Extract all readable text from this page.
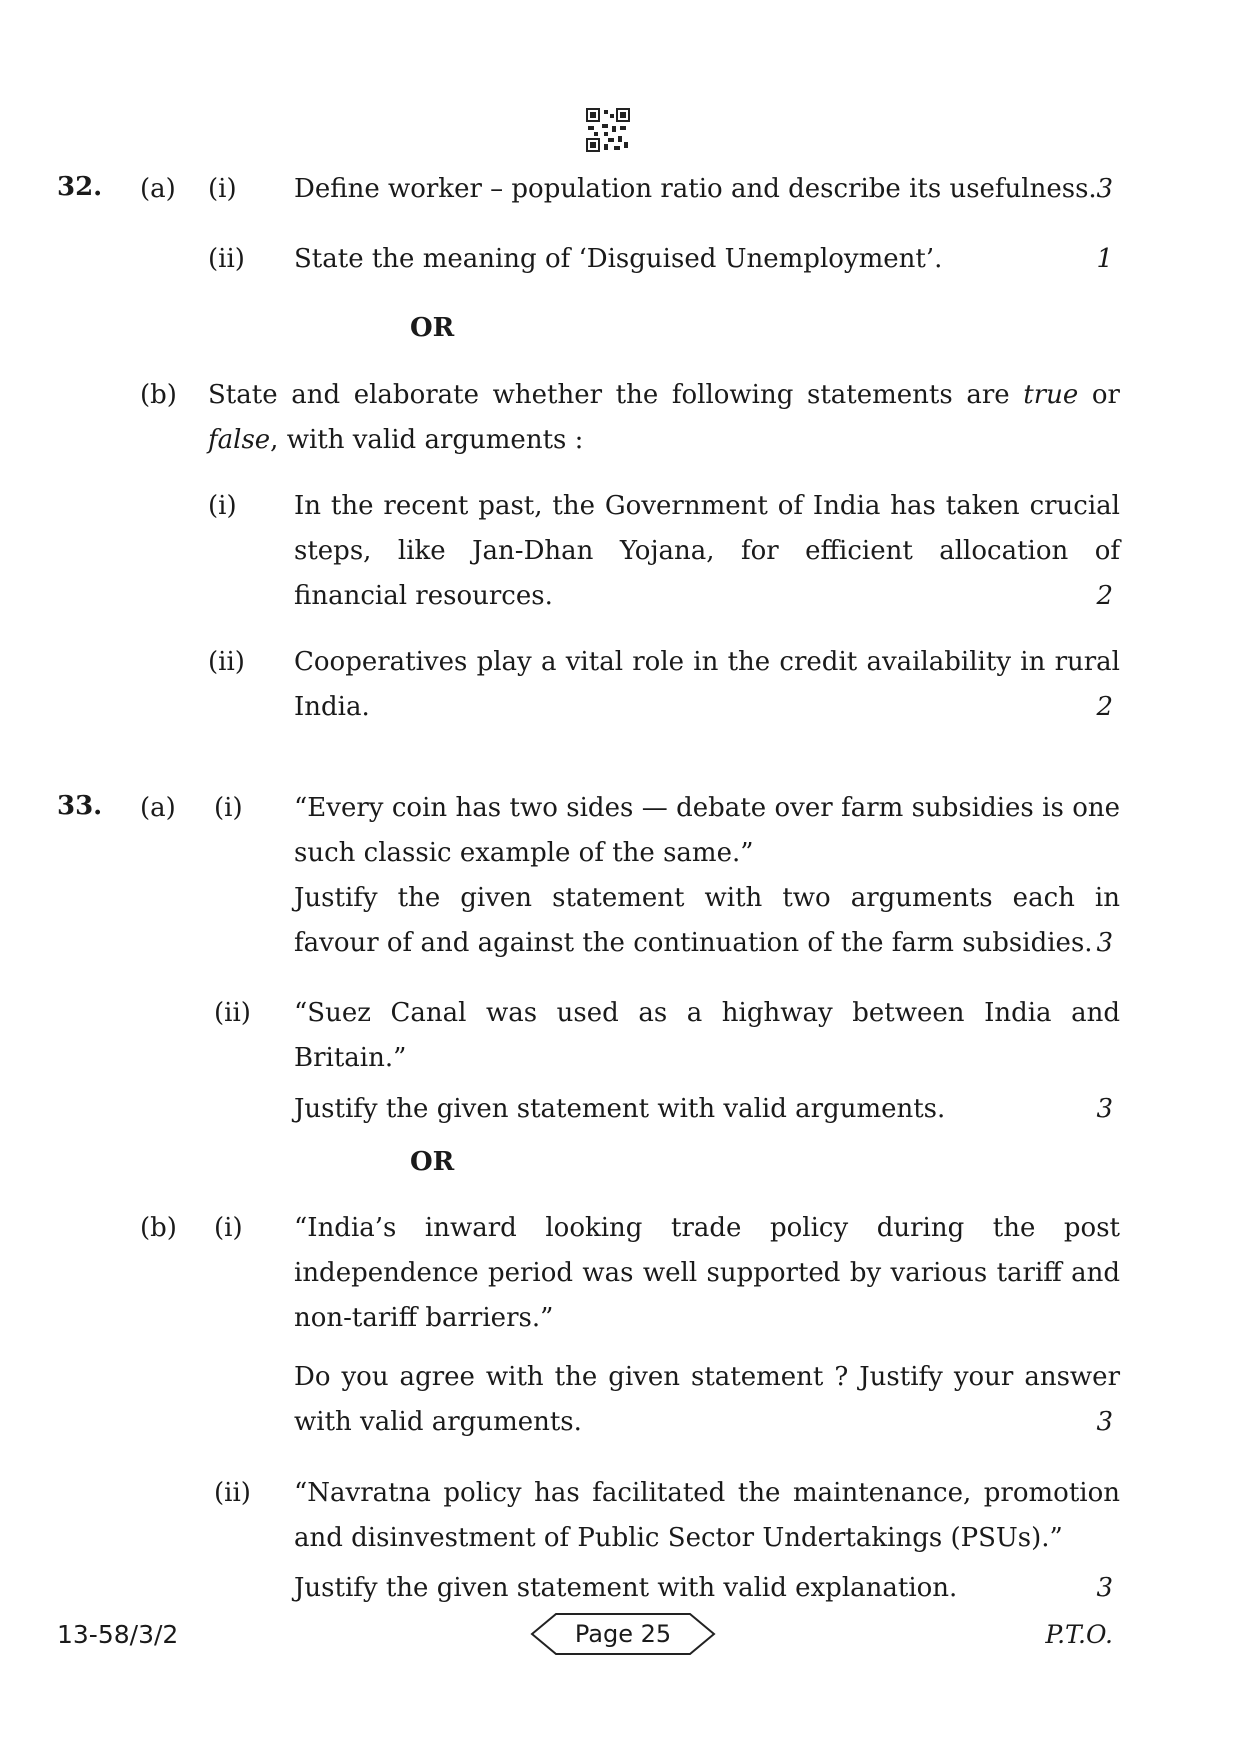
32. (a) (i) Define worker – population ratio and describe its usefulness. 3
(ii) State the meaning of ‘Disguised Unemployment’.	1
OR
(b) State and elaborate whether the following statements are true or
false, with valid arguments :
(i) In the recent past, the Government of India has taken crucial
steps, like Jan-Dhan Yojana, for efficient allocation of
financial resources.	2
(ii) Cooperatives play a vital role in the credit availability in rural
India.	2
33. (a) (i) “Every coin has two sides — debate over farm subsidies is one
such classic example of the same.”
Justify the given statement with two arguments each in
favour of and against the continuation of the farm subsidies. 3
(ii) “Suez Canal was used as a highway between India and
Britain.”
Justify the given statement with valid arguments.	3
OR
(b) (i) “India’s inward looking trade policy during the post
independence period was well supported by various tariff and
non-tariff barriers.”
Do you agree with the given statement ? Justify your answer
with valid arguments.	3
(ii) “Navratna policy has facilitated the maintenance, promotion
and disinvestment of Public Sector Undertakings (PSUs).”
Justify the given statement with valid explanation.	3
13-58/3/2	Page 25	P.T.O.
